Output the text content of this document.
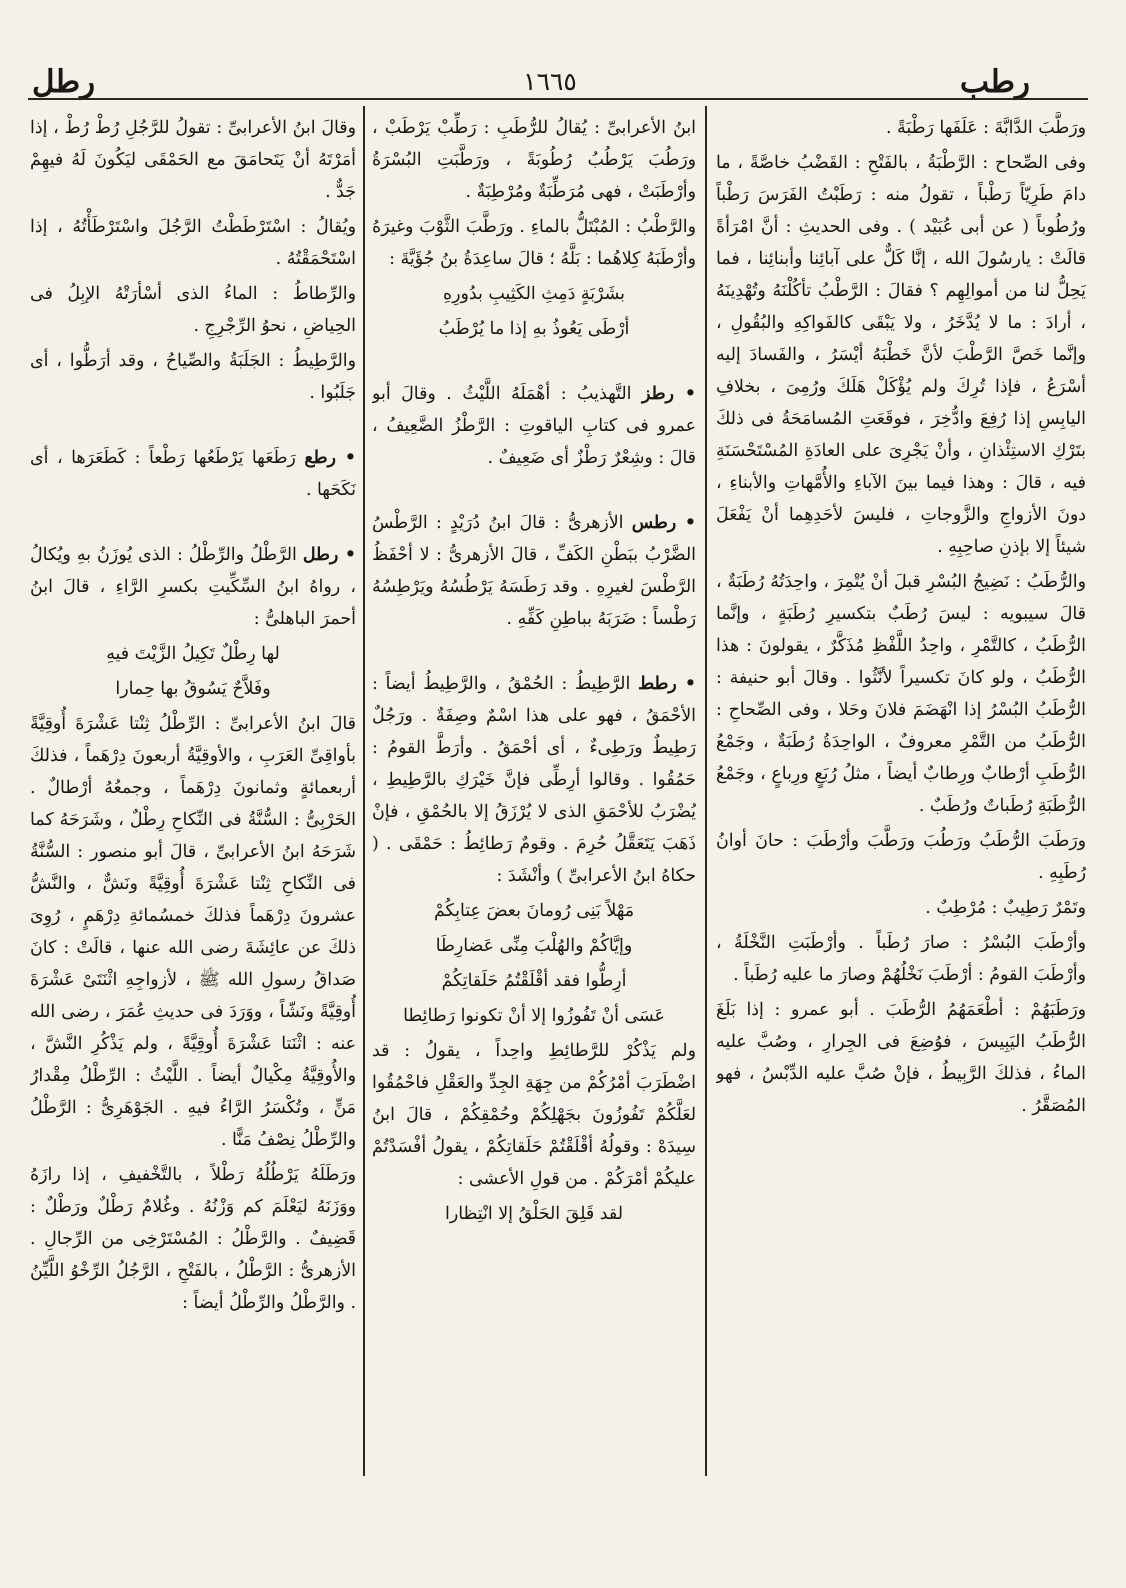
رطب
١٦٦٥
رطل

ورَطَّبَ الدَّابَّةَ : عَلَفَها رَطْبَةً .

وفى الصِّحاح : الرَّطْبَةُ ، بالفَتْحِ : القَضْبُ خاصَّةً ، ما دامَ طَرِيّاً رَطْباً ، تقولُ منه : رَطَبْتُ الفَرَسَ رَطْباً ورُطُوباً ( عن أبى عُبَيْد ) . وفى الحديثِ : أنَّ امْرَأةً قالَتْ : يارسُولَ الله ، إنَّا كَلٌّ على آبائِنا وأبنائِنا ، فما يَحِلُّ لنا من أموالِهِم ؟ فقالَ : الرَّطْبُ تأكُلْنَهُ وتُهْدِينَهُ ، أرادَ : ما لا يُدَّخَرُ ، ولا يَبْقَى كالفَواكِهِ والبُقُولِ ، وإنَّما خَصَّ الرَّطْبَ لأنَّ خَطْبَهُ أيْسَرُ ، والفَسادَ إليه أسْرَعُ ، فإذا تُرِكَ ولم يُؤْكَلْ هَلَكَ ورُمِىَ ، بخلافِ اليابِسِ إذا رُفِعَ وادُّخِرَ ، فوقَعَتِ المُسامَحَةُ فى ذلكَ بتَرْكِ الاستِئْذانِ ، وأنْ يَجْرِىَ على العادَةِ المُسْتَحْسَنَةِ فيه ، قالَ : وهذا فيما بينَ الآباءِ والأُمَّهاتِ والأبناءِ ، دونَ الأزواجِ والزَّوجاتِ ، فليسَ لأحَدِهِما أنْ يَفْعَلَ شيئاً إلا بإذنِ صاحِبِهِ .

والرُّطَبُ : نَضِيجُ البُسْرِ قبلَ أنْ يُتْمِرَ ، واحِدَتُهُ رُطَبَةٌ ، قالَ سيبويه : ليسَ رُطَبٌ بتكسيرِ رُطَبَةٍ ، وإنَّما الرُّطَبُ ، كالتَّمْرِ ، واحِدُ اللَّفْظِ مُذَكَّرٌ ، يقولونَ : هذا الرُّطَبُ ، ولو كانَ تكسيراً لأنَّثُوا . وقالَ أبو حنيفة : الرُّطَبُ البُسْرُ إذا انْهَضَمَ فلانَ وحَلا ، وفى الصِّحاحِ : الرُّطَبُ من التَّمْرِ معروفٌ ، الواحِدَةُ رُطَبَةٌ ، وجَمْعُ الرُّطَبِ أرْطابٌ ورِطابٌ أيضاً ، مثلُ رُبَعٍ ورِباعٍ ، وجَمْعُ الرُّطَبَةِ رُطَباتٌ ورُطَبٌ .

ورَطَبَ الرُّطَبُ ورَطُبَ ورَطَّبَ وأرْطَبَ : حانَ أوانُ رُطَبِهِ .

وتَمْرٌ رَطِيبٌ : مُرْطِبٌ .

وأرْطَبَ البُسْرُ : صارَ رُطَباً . وأرْطَبَتِ النَّخْلَةُ ، وأرْطَبَ القومُ : أرْطَبَ نَخْلُهُمْ وصارَ ما عليه رُطَباً .

ورَطَبَهُمْ : أطْعَمَهُمُ الرُّطَبَ . أبو عمرو : إذا بَلَغَ الرُّطَبُ اليَبِيسَ ، فوُضِعَ فى الجِرارِ ، وصُبَّ عليه الماءُ ، فذلكَ الرَّبِيطُ ، فإنْ صُبَّ عليه الدِّبْسُ ، فهو المُصَقَّرُ .

ابنُ الأعرابىِّ : يُقالُ للرُّطَبِ : رَطِّبْ يَرْطَبْ ، ورَطُبَ يَرْطُبُ رُطُوبَةً ، ورَطَّبَتِ البُسْرَةُ وأرْطَبَتْ ، فهى مُرَطِّبَةٌ ومُرْطِبَةٌ .

والرَّطْبُ : المُبْتَلُّ بالماءِ . ورَطَّبَ الثَّوْبَ وغيرَهُ وأرْطَبَهُ كِلاهُما : بَلَّهُ ؛ قالَ ساعِدَةُ بنُ جُؤَيَّةَ :

بشَرْبَةٍ دَمِثِ الكَثِيبِ بدُورِهِ

أرْطَى يَعُوذُ بهِ إذا ما يُرْطَبُ

• رطز التَّهذيبُ : أهْمَلَهُ اللَّيْثُ . وقالَ أبو عمرو فى كتابِ الياقوتِ : الرَّطْزُ الضَّعِيفُ ، قالَ : وشِعْرٌ رَطْزٌ أى ضَعِيفٌ .

• رطس الأزهرىُّ : قالَ ابنُ دُرَيْدٍ : الرَّطْسُ الضَّرْبُ ببَطْنِ الكَفِّ ، قالَ الأزهرىُّ : لا أحْفَظُ الرَّطْسَ لغيرِهِ . وقد رَطَسَهُ يَرْطُسُهُ ويَرْطِسُهُ رَطْساً : ضَرَبَهُ بباطِنِ كَفِّهِ .

• رطط الرَّطِيطُ : الحُمْقُ ، والرَّطِيطُ أيضاً : الأحْمَقُ ، فهو على هذا اسْمٌ وصِفَةٌ . ورَجُلٌ رَطِيطٌ ورَطِىءٌ ، أى أحْمَقُ . وأرَطَّ القومُ : حَمُقُوا . وقالوا أرِطِّى فإنَّ خَيْرَكِ بالرَّطِيطِ ، يُضْرَبُ للأحْمَقِ الذى لا يُرْزَقُ إلا بالحُمْقِ ، فإنْ ذَهَبَ يَتَعَقَّلُ حُرِمَ . وقومٌ رَطائِطُ : حَمْقَى . ( حكاهُ ابنُ الأعرابىِّ ) وأنْشَدَ :

مَهْلاً بَنِى رُومانَ بعضَ عِتابِكُمْ

وإيَّاكُمْ والهُلْبَ مِنِّى عَضارِطَا

أرِطُّوا فقد أقْلَقْتُمُ حَلَقاتِكُمْ

عَسَى أنْ تَفُوزُوا إلا أنْ تكونوا رَطائِطا

ولم يَذْكُرْ للرَّطائِطِ واحِداً ، يقولُ : قد اضْطَرَبَ أمْرُكُمْ من جِهَةِ الجِدِّ والعَقْلِ فاحْمُقُوا لعَلَّكُمْ تَفُوزُونَ بجَهْلِكُمْ وحُمْقِكُمْ ، قالَ ابنُ سِيدَهْ : وقولُهُ أقْلَقْتُمْ حَلَقاتِكُمْ ، يقولُ أفْسَدْتُمْ عليكُمْ أمْرَكُمْ . من قولِ الأعشى :

لقد قَلِقَ الحَلْقُ إلا انْتِظارا

وقالَ ابنُ الأعرابىِّ : تقولُ للرَّجُلِ رُطْ رُطْ ، إذا أمَرْتَهُ أنْ يَتَحامَقَ مع الحَمْقَى ليَكُونَ لَهُ فيهِمْ جَدٌّ .

ويُقالُ : اسْتَرْطَطْتُ الرَّجُلَ واسْتَرْطَأْتُهُ ، إذا اسْتَحْمَقْتُهُ .

والرِّطاطُ : الماءُ الذى أسْأرَتْهُ الإبِلُ فى الحِياضِ ، نحوُ الرِّجْرِجِ .

والرَّطِيطُ : الجَلَبَةُ والصِّياحُ ، وقد أرَطُّوا ، أى جَلَبُوا .

• رطع رَطَعَها يَرْطَعُها رَطْعاً : كَطَعَرَها ، أى نَكَحَها .

• رطل الرَّطْلُ والرِّطْلُ : الذى يُوزَنُ بهِ ويُكالُ ، رواهُ ابنُ السِّكِّيتِ بكسرِ الرَّاءِ ، قالَ ابنُ أحمرَ الباهلىُّ :

لها رِطْلٌ تَكِيلُ الزَّيْتَ فيهِ

وفَلاَّحٌ يَسُوقُ بها حِمارا

قالَ ابنُ الأعرابىِّ : الرِّطْلُ ثِنْتا عَشْرَةَ أُوقِيَّةً بأواقِىِّ العَرَبِ ، والأوقِيَّةُ أربعونَ دِرْهَماً ، فذلكَ أربعمائةٍ وثمانونَ دِرْهَماً ، وجمعُهُ أرْطالٌ . الحَرْبِىُّ : السُّنَّةُ فى النِّكاحِ رِطْلٌ ، وشَرَحَهُ كما شَرَحَهُ ابنُ الأعرابىِّ ، قالَ أبو منصور : السُّنَّةُ فى النِّكاحِ ثِنْتا عَشْرَةَ أُوقِيَّةً ونَشٌّ ، والنَّشُّ عشرونَ دِرْهَماً فذلكَ خمسُمائةِ دِرْهَمٍ ، رُوِىَ ذلكَ عن عائِشَةَ رضى الله عنها ، قالَتْ : كانَ صَداقُ رسولِ الله ﷺ ، لأزواجِهِ اثْنَتَىْ عَشْرَةَ أُوقِيَّةً ونَشّاً ، ووَرَدَ فى حديثِ عُمَرَ ، رضى الله عنه : اثْنَتا عَشْرَةَ أُوقِيَّةً ، ولم يَذْكُرِ النَّشَّ ، والأُوقِيَّةُ مِكْيالٌ أيضاً . اللَّيْثُ : الرِّطْلُ مِقْدارُ مَنٍّ ، وتُكْسَرُ الرَّاءُ فيهِ . الجَوْهَرِىُّ : الرَّطْلُ والرِّطْلُ نِصْفُ مَنًّا .

ورَطَلَهُ يَرْطُلُهُ رَطْلاً ، بالتَّخْفيفِ ، إذا رازَهُ ووَزَنَهُ ليَعْلَمَ كم وَزْنُهُ . وغُلامٌ رَطْلٌ ورَطْلٌ : قَضِيفٌ . والرَّطْلُ : المُسْتَرْخِى من الرِّجالِ . الأزهرىُّ : الرَّطْلُ ، بالفَتْحِ ، الرَّجُلُ الرِّخْوُ اللَّيِّنُ . والرَّطْلُ والرِّطْلُ أيضاً :
